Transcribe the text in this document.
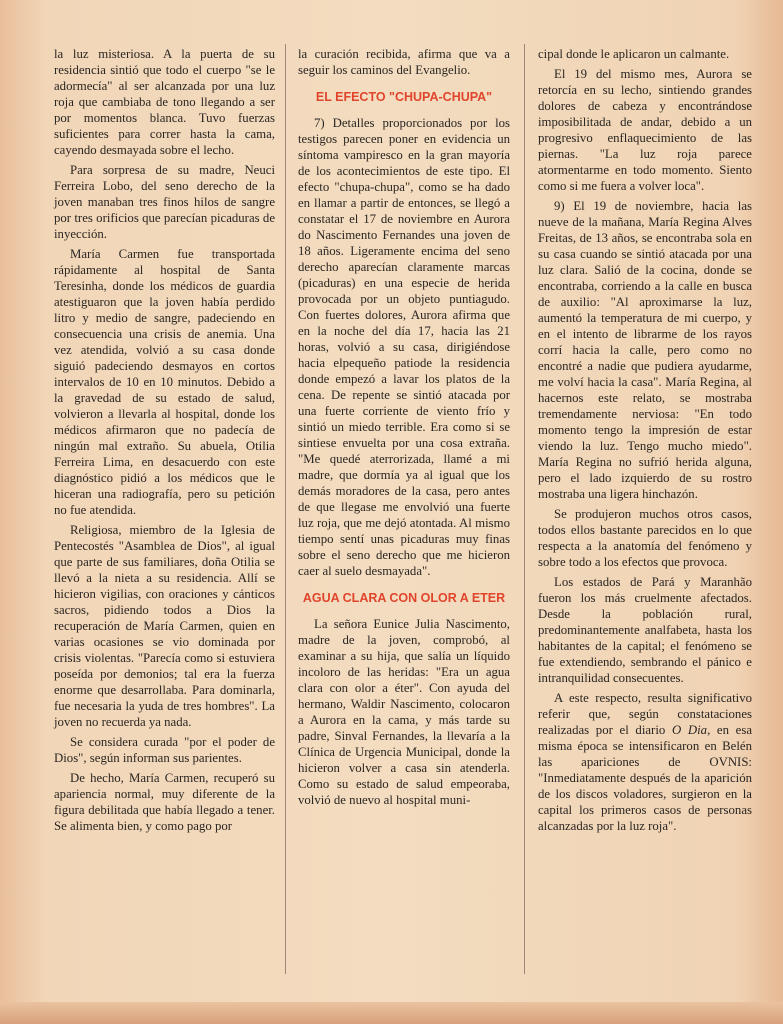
la luz misteriosa. A la puerta de su residencia sintió que todo el cuerpo "se le adormecía" al ser alcanzada por una luz roja que cambiaba de tono llegando a ser por momentos blanca. Tuvo fuerzas suficientes para correr hasta la cama, cayendo desmayada sobre el lecho.

Para sorpresa de su madre, Neuci Ferreira Lobo, del seno derecho de la joven manaban tres finos hilos de sangre por tres orificios que parecían picaduras de inyección.

María Carmen fue transportada rápidamente al hospital de Santa Teresinha, donde los médicos de guardia atestiguaron que la joven había perdido litro y medio de sangre, padeciendo en consecuencia una crisis de anemia. Una vez atendida, volvió a su casa donde siguió padeciendo desmayos en cortos intervalos de 10 en 10 minutos. Debido a la gravedad de su estado de salud, volvieron a llevarla al hospital, donde los médicos afirmaron que no padecía de ningún mal extraño. Su abuela, Otilia Ferreira Lima, en desacuerdo con este diagnóstico pidió a los médicos que le hiceran una radiografía, pero su petición no fue atendida.

Religiosa, miembro de la Iglesia de Pentecostés "Asamblea de Dios", al igual que parte de sus familiares, doña Otilia se llevó a la nieta a su residencia. Allí se hicieron vigilias, con oraciones y cánticos sacros, pidiendo todos a Dios la recuperación de María Carmen, quien en varias ocasiones se vio dominada por crisis violentas. "Parecía como si estuviera poseída por demonios; tal era la fuerza enorme que desarrollaba. Para dominarla, fue necesaria la yuda de tres hombres". La joven no recuerda ya nada.

Se considera curada "por el poder de Dios", según informan sus parientes.

De hecho, María Carmen, recuperó su apariencia normal, muy diferente de la figura debilitada que había llegado a tener. Se alimenta bien, y como pago por

la curación recibida, afirma que va a seguir los caminos del Evangelio.

EL EFECTO "CHUPA-CHUPA"

7) Detalles proporcionados por los testigos parecen poner en evidencia un síntoma vampiresco en la gran mayoría de los acontecimientos de este tipo. El efecto "chupa-chupa", como se ha dado en llamar a partir de entonces, se llegó a constatar el 17 de noviembre en Aurora do Nascimento Fernandes una joven de 18 años. Ligeramente encima del seno derecho aparecían claramente marcas (picaduras) en una especie de herida provocada por un objeto puntiagudo. Con fuertes dolores, Aurora afirma que en la noche del día 17, hacia las 21 horas, volvió a su casa, dirigiéndose hacia elpequeño patiode la residencia donde empezó a lavar los platos de la cena. De repente se sintió atacada por una fuerte corriente de viento frío y sintió un miedo terrible. Era como si se sintiese envuelta por una cosa extraña. "Me quedé aterrorizada, llamé a mi madre, que dormía ya al igual que los demás moradores de la casa, pero antes de que llegase me envolvió una fuerte luz roja, que me dejó atontada. Al mismo tiempo sentí unas picaduras muy finas sobre el seno derecho que me hicieron caer al suelo desmayada".

AGUA CLARA CON OLOR A ETER

La señora Eunice Julia Nascimento, madre de la joven, comprobó, al examinar a su hija, que salía un líquido incoloro de las heridas: "Era un agua clara con olor a éter". Con ayuda del hermano, Waldir Nascimento, colocaron a Aurora en la cama, y más tarde su padre, Sinval Fernandes, la llevaría a la Clínica de Urgencia Municipal, donde la hicieron volver a casa sin atenderla. Como su estado de salud empeoraba, volvió de nuevo al hospital muni-

cipal donde le aplicaron un calmante.

El 19 del mismo mes, Aurora se retorcía en su lecho, sintiendo grandes dolores de cabeza y encontrándose imposibilitada de andar, debido a un progresivo enflaquecimiento de las piernas. "La luz roja parece atormentarme en todo momento. Siento como si me fuera a volver loca".

9) El 19 de noviembre, hacia las nueve de la mañana, María Regina Alves Freitas, de 13 años, se encontraba sola en su casa cuando se sintió atacada por una luz clara. Salió de la cocina, donde se encontraba, corriendo a la calle en busca de auxilio: "Al aproximarse la luz, aumentó la temperatura de mi cuerpo, y en el intento de librarme de los rayos corrí hacia la calle, pero como no encontré a nadie que pudiera ayudarme, me volví hacia la casa". María Regina, al hacernos este relato, se mostraba tremendamente nerviosa: "En todo momento tengo la impresión de estar viendo la luz. Tengo mucho miedo". María Regina no sufrió herida alguna, pero el lado izquierdo de su rostro mostraba una ligera hinchazón.

Se produjeron muchos otros casos, todos ellos bastante parecidos en lo que respecta a la anatomía del fenómeno y sobre todo a los efectos que provoca.

Los estados de Pará y Maranhão fueron los más cruelmente afectados. Desde la población rural, predominantemente analfabeta, hasta los habitantes de la capital; el fenómeno se fue extendiendo, sembrando el pánico e intranquilidad consecuentes.

A este respecto, resulta significativo referir que, según constataciones realizadas por el diario O Dia, en esa misma época se intensificaron en Belén las apariciones de OVNIS: "Inmediatamente después de la aparición de los discos voladores, surgieron en la capital los primeros casos de personas alcanzadas por la luz roja".
